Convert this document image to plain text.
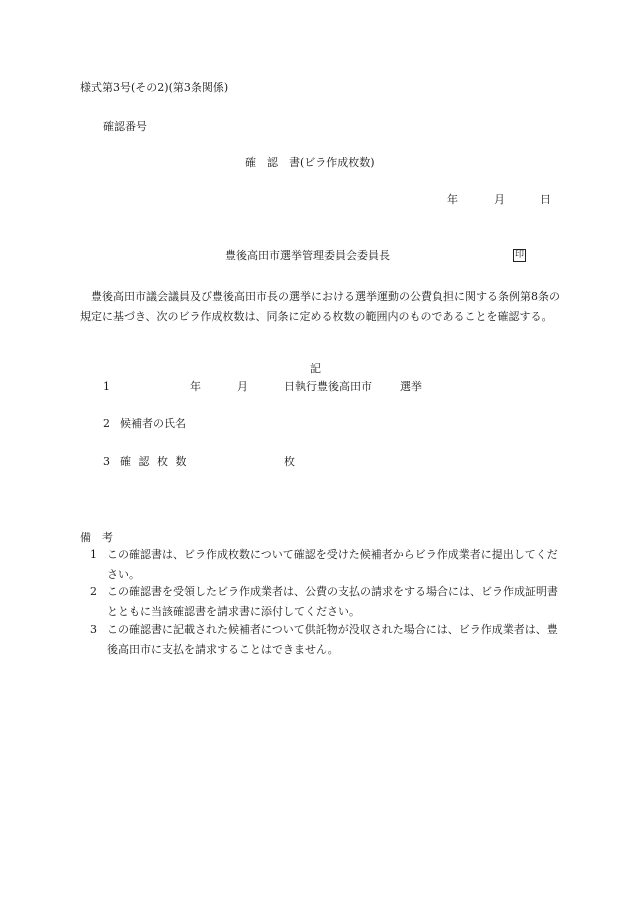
様式第3号(その2)(第3条関係)
確認番号
確　認　書(ビラ作成枚数)
年	月	日
豊後高田市選挙管理委員会委員長	印
　豊後高田市議会議員及び豊後高田市長の選挙における選挙運動の公費負担に関する条例第8条の規定に基づき、次のビラ作成枚数は、同条に定める枚数の範囲内のものであることを確認する。
記
1	年	月	日執行豊後高田市	選挙
2 候補者の氏名
3 確 認 枚 数	枚
備　考
1 この確認書は、ビラ作成枚数について確認を受けた候補者からビラ作成業者に提出してください。
2 この確認書を受領したビラ作成業者は、公費の支払の請求をする場合には、ビラ作成証明書とともに当該確認書を請求書に添付してください。
3 この確認書に記載された候補者について供託物が没収された場合には、ビラ作成業者は、豊後高田市に支払を請求することはできません。
